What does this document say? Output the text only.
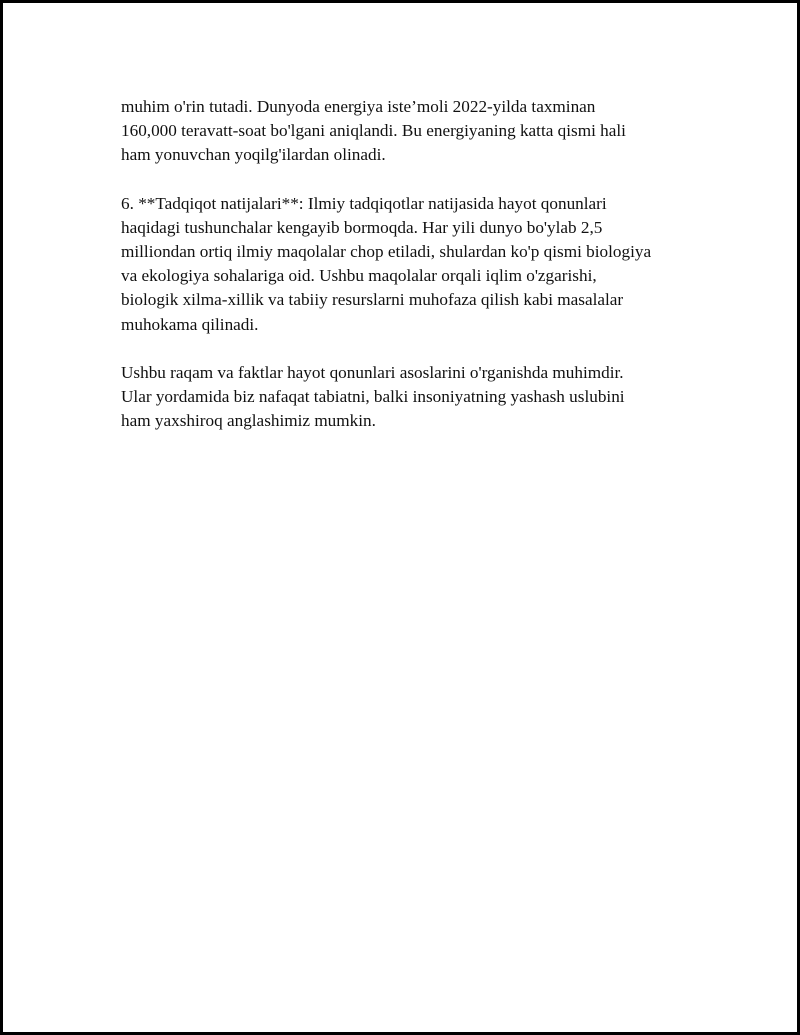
muhim o'rin tutadi. Dunyoda energiya iste’moli 2022-yilda taxminan
160,000 teravatt-soat bo'lgani aniqlandi. Bu energiyaning katta qismi hali
ham yonuvchan yoqilg'ilardan olinadi.

6. **Tadqiqot natijalari**: Ilmiy tadqiqotlar natijasida hayot qonunlari
haqidagi tushunchalar kengayib bormoqda. Har yili dunyo bo'ylab 2,5
milliondan ortiq ilmiy maqolalar chop etiladi, shulardan ko'p qismi biologiya
va ekologiya sohalariga oid. Ushbu maqolalar orqali iqlim o'zgarishi,
biologik xilma-xillik va tabiiy resurslarni muhofaza qilish kabi masalalar
muhokama qilinadi.

Ushbu raqam va faktlar hayot qonunlari asoslarini o'rganishda muhimdir.
Ular yordamida biz nafaqat tabiatni, balki insoniyatning yashash uslubini
ham yaxshiroq anglashimiz mumkin.
